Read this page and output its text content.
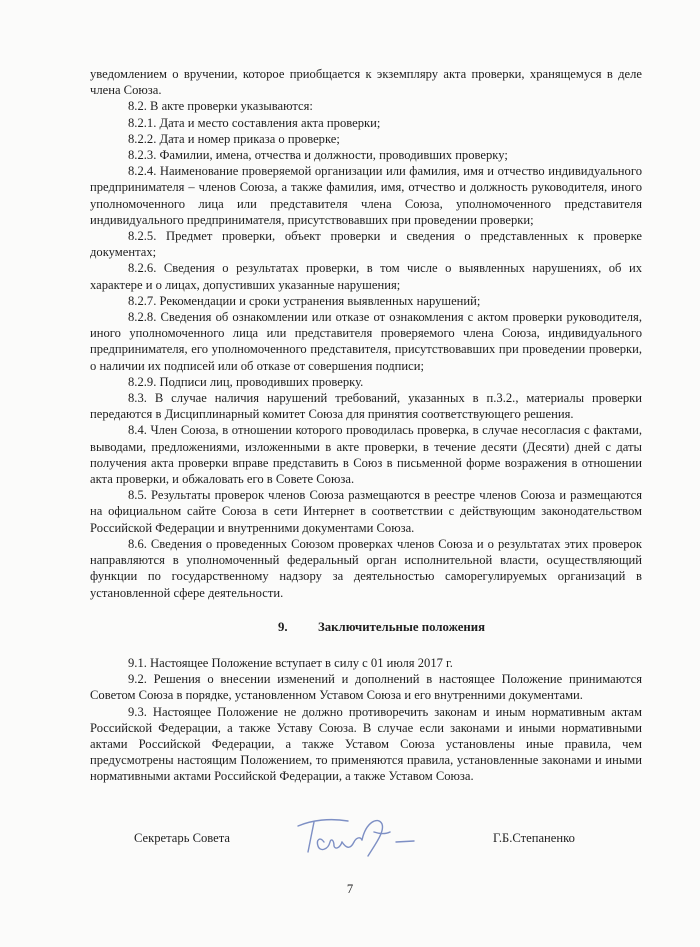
уведомлением о вручении, которое приобщается к экземпляру акта проверки, хранящемуся в деле члена Союза.

8.2. В акте проверки указываются:

8.2.1. Дата и место составления акта проверки;

8.2.2. Дата и номер приказа о проверке;

8.2.3. Фамилии, имена, отчества и должности, проводивших проверку;

8.2.4. Наименование проверяемой организации или фамилия, имя и отчество индивидуального предпринимателя – членов Союза, а также фамилия, имя, отчество и должность руководителя, иного уполномоченного лица или представителя члена Союза, уполномоченного представителя индивидуального предпринимателя, присутствовавших при проведении проверки;

8.2.5. Предмет проверки, объект проверки и сведения о представленных к проверке документах;

8.2.6. Сведения о результатах проверки, в том числе о выявленных нарушениях, об их характере и о лицах, допустивших указанные нарушения;

8.2.7. Рекомендации и сроки устранения выявленных нарушений;

8.2.8. Сведения об ознакомлении или отказе от ознакомления с актом проверки руководителя, иного уполномоченного лица или представителя проверяемого члена Союза, индивидуального предпринимателя, его уполномоченного представителя, присутствовавших при проведении проверки, о наличии их подписей или об отказе от совершения подписи;

8.2.9. Подписи лиц, проводивших проверку.

8.3. В случае наличия нарушений требований, указанных в п.3.2., материалы проверки передаются в Дисциплинарный комитет Союза для принятия соответствующего решения.

8.4. Член Союза, в отношении которого проводилась проверка, в случае несогласия с фактами, выводами, предложениями, изложенными в акте проверки, в течение десяти (Десяти) дней с даты получения акта проверки вправе представить в Союз в письменной форме возражения в отношении акта проверки, и обжаловать его в Совете Союза.

8.5. Результаты проверок членов Союза размещаются в реестре членов Союза и размещаются на официальном сайте Союза в сети Интернет в соответствии с действующим законодательством Российской Федерации и внутренними документами Союза.

8.6. Сведения о проведенных Союзом проверках членов Союза и о результатах этих проверок направляются в уполномоченный федеральный орган исполнительной власти, осуществляющий функции по государственному надзору за деятельностью саморегулируемых организаций в установленной сфере деятельности.

9. Заключительные положения

9.1. Настоящее Положение вступает в силу с 01 июля 2017 г.

9.2. Решения о внесении изменений и дополнений в настоящее Положение принимаются Советом Союза в порядке, установленном Уставом Союза и его внутренними документами.

9.3. Настоящее Положение не должно противоречить законам и иным нормативным актам Российской Федерации, а также Уставу Союза. В случае если законами и иными нормативными актами Российской Федерации, а также Уставом Союза установлены иные правила, чем предусмотрены настоящим Положением, то применяются правила, установленные законами и иными нормативными актами Российской Федерации, а также Уставом Союза.

Секретарь Совета	Г.Б.Степаненко
7
